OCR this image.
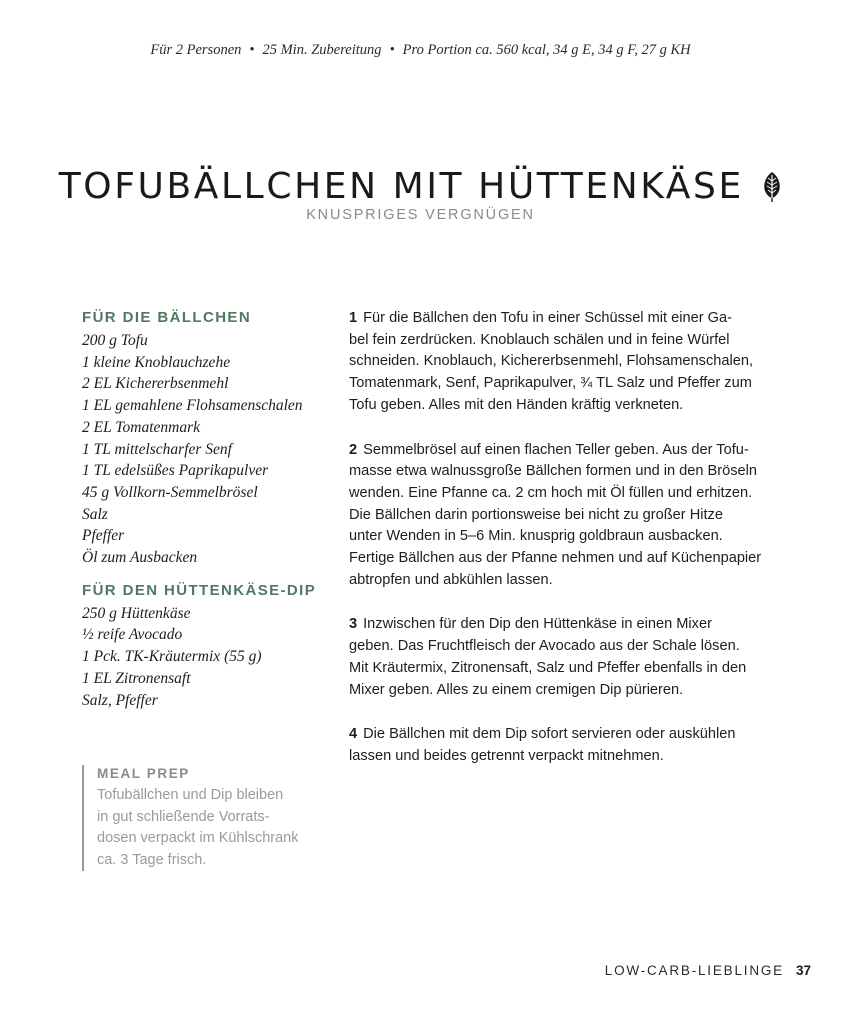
Für 2 Personen • 25 Min. Zubereitung • Pro Portion ca. 560 kcal, 34 g E, 34 g F, 27 g KH
TOFUBÄLLCHEN MIT HÜTTENKÄSE
KNUSPRIGES VERGNÜGEN
FÜR DIE BÄLLCHEN
200 g Tofu
1 kleine Knoblauchzehe
2 EL Kichererbsenmehl
1 EL gemahlene Flohsamenschalen
2 EL Tomatenmark
1 TL mittelscharfer Senf
1 TL edelsüßes Paprikapulver
45 g Vollkorn-Semmelbrösel
Salz
Pfeffer
Öl zum Ausbacken
FÜR DEN HÜTTENKÄSE-DIP
250 g Hüttenkäse
½ reife Avocado
1 Pck. TK-Kräutermix (55 g)
1 EL Zitronensaft
Salz, Pfeffer
MEAL PREP
Tofubällchen und Dip bleiben
in gut schließende Vorrats-
dosen verpackt im Kühlschrank
ca. 3 Tage frisch.

1 Für die Bällchen den Tofu in einer Schüssel mit einer Ga-
bel fein zerdrücken. Knoblauch schälen und in feine Würfel
schneiden. Knoblauch, Kichererbsenmehl, Flohsamenschalen,
Tomatenmark, Senf, Paprikapulver, ¾ TL Salz und Pfeffer zum
Tofu geben. Alles mit den Händen kräftig verkneten.

2 Semmelbrösel auf einen flachen Teller geben. Aus der Tofu-
masse etwa walnussgroße Bällchen formen und in den Bröseln
wenden. Eine Pfanne ca. 2 cm hoch mit Öl füllen und erhitzen.
Die Bällchen darin portionsweise bei nicht zu großer Hitze
unter Wenden in 5–6 Min. knusprig goldbraun ausbacken.
Fertige Bällchen aus der Pfanne nehmen und auf Küchenpapier
abtropfen und abkühlen lassen.

3 Inzwischen für den Dip den Hüttenkäse in einen Mixer
geben. Das Fruchtfleisch der Avocado aus der Schale lösen.
Mit Kräutermix, Zitronensaft, Salz und Pfeffer ebenfalls in den
Mixer geben. Alles zu einem cremigen Dip pürieren.

4 Die Bällchen mit dem Dip sofort servieren oder auskühlen
lassen und beides getrennt verpackt mitnehmen.

LOW-CARB-LIEBLINGE 37
